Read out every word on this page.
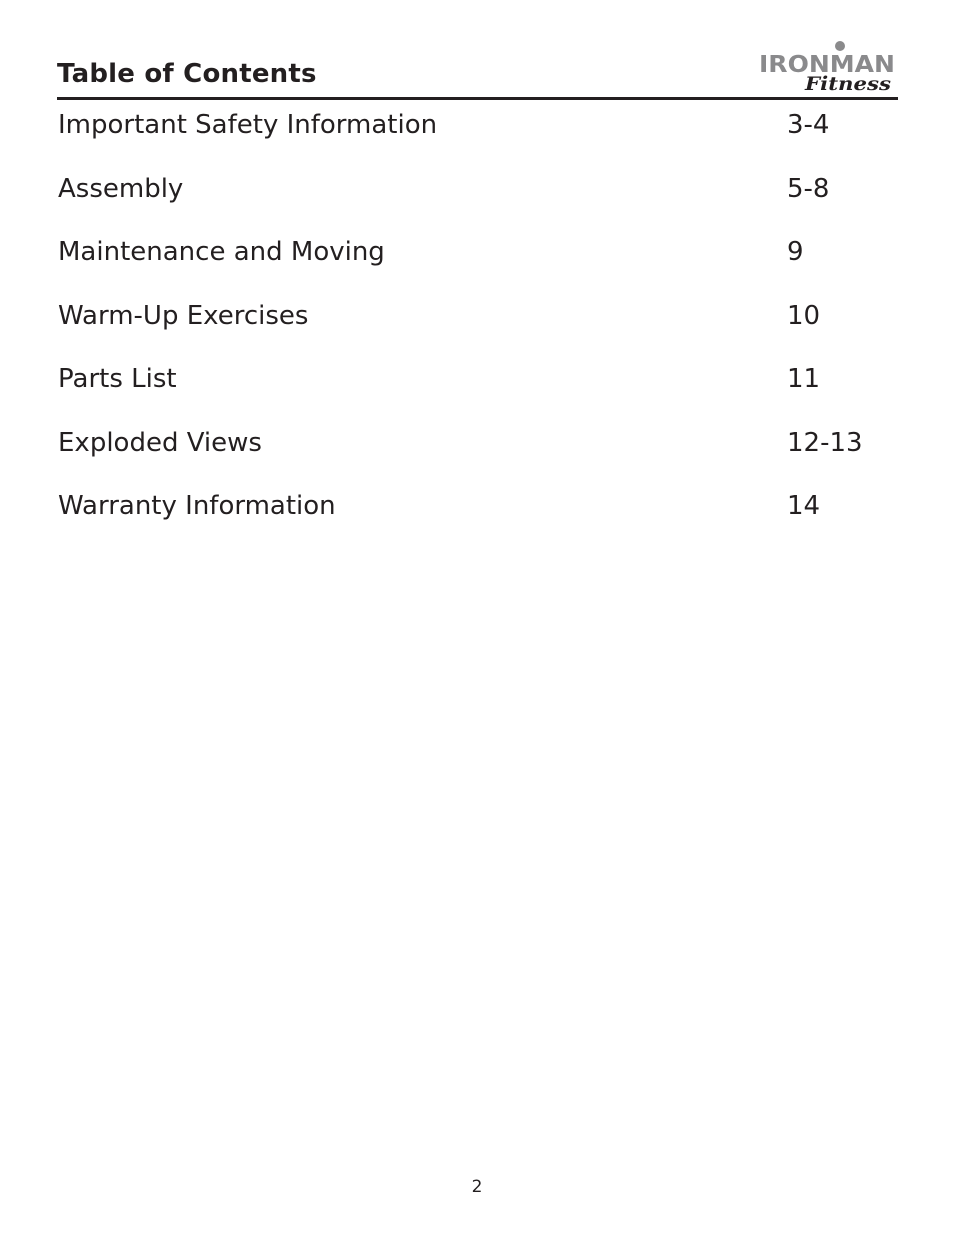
Table of Contents	IRONMAN
Fitness
Important Safety Information	3-4
Assembly	5-8
Maintenance and Moving	9
Warm-Up Exercises	10
Parts List	11
Exploded Views	12-13
Warranty Information	14
2
